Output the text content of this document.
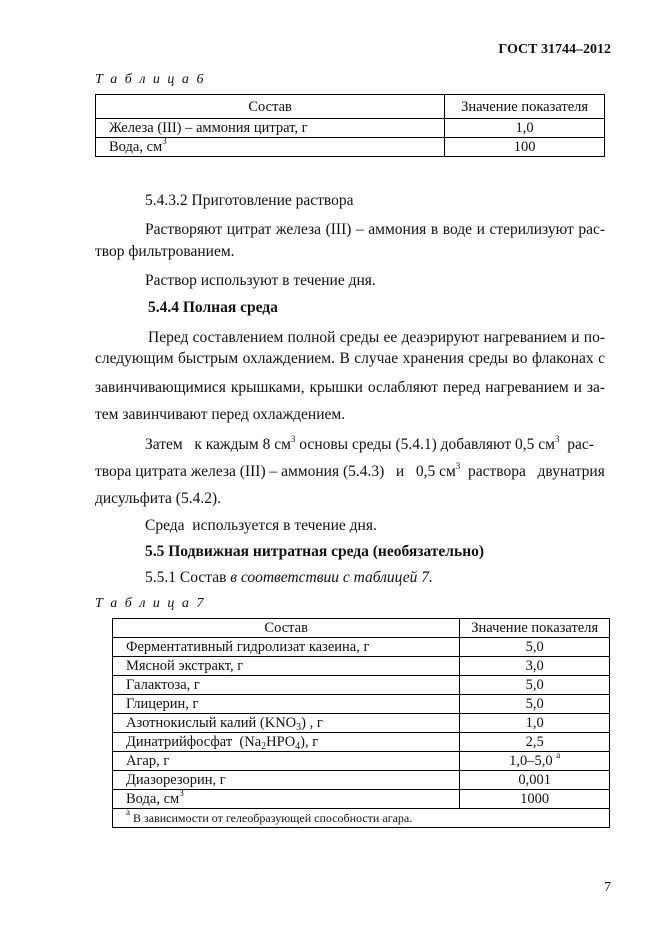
ГОСТ 31744–2012
Т а б л и ц а 6
Состав	Значение показателя
Железа (III) – аммония цитрат, г	1,0
Вода, $см^3$	100
5.4.3.2 Приготовление раствора
Растворяют цитрат железа (III) – аммония в воде и стерилизуют рас-
твор фильтрованием.
Раствор используют в течение дня.
5.4.4 Полная среда
Перед составлением полной среды ее деаэрируют нагреванием и по-
следующим быстрым охлаждением. В случае хранения среды во флаконах с
завинчивающимися крышками, крышки ослабляют перед нагреванием и за-
тем завинчивают перед охлаждением.
Затем   к каждым 8 $см^3$ основы среды (5.4.1) добавляют 0,5 $см^3$  рас-
твора цитрата железа (III) – аммония (5.4.3)   и   0,5 $см^3$  раствора   двунатрия
дисульфита (5.4.2).
Среда  используется в течение дня.
5.5 Подвижная нитратная среда (необязательно)
5.5.1 Состав в соответствии с таблицей 7.
Т а б л и ц а 7
Состав	Значение показателя
Ферментативный гидролизат казеина, г	5,0
Мясной экстракт, г	3,0
Галактоза, г	5,0
Глицерин, г	5,0
Азотнокислый калий $(KNO_3)$ , г	1,0
Динатрийфосфат  $(Na_2HPO_4)$, г	2,5
Агар, г	1,0–5,0 $^а$
Диазорезорин, г	0,001
Вода, $см^3$	1000
$^а$ В зависимости от гелеобразующей способности агара.	
7
